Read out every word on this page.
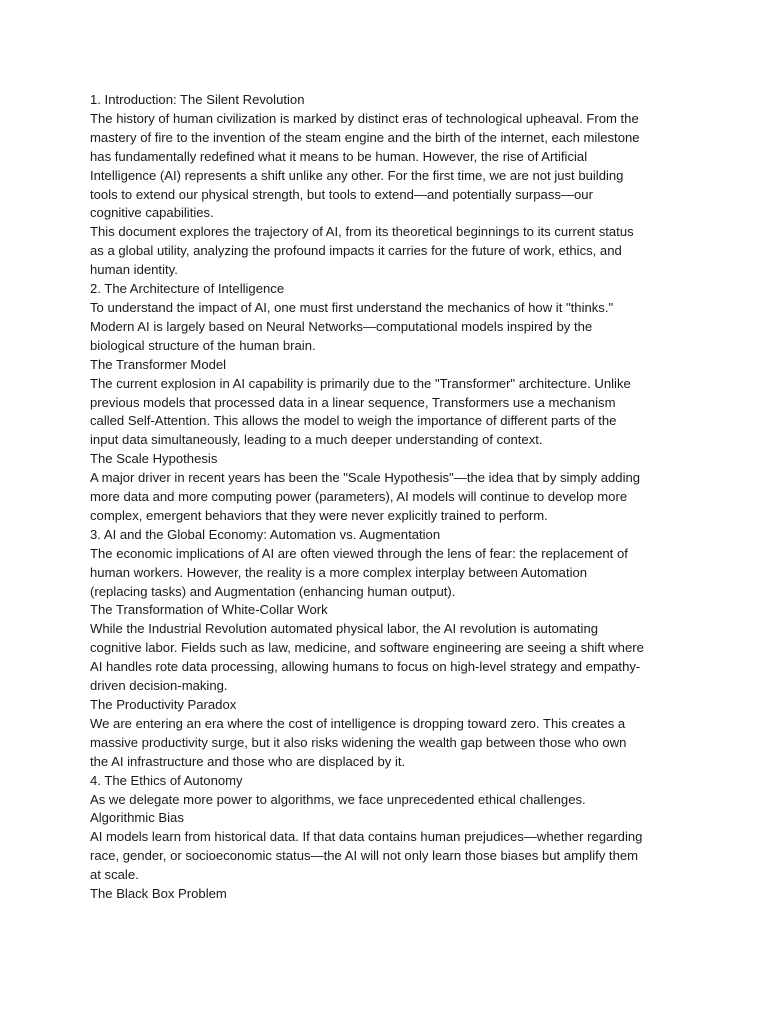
1. Introduction: The Silent Revolution
The history of human civilization is marked by distinct eras of technological upheaval. From the
mastery of fire to the invention of the steam engine and the birth of the internet, each milestone
has fundamentally redefined what it means to be human. However, the rise of Artificial
Intelligence (AI) represents a shift unlike any other. For the first time, we are not just building
tools to extend our physical strength, but tools to extend—and potentially surpass—our
cognitive capabilities.
This document explores the trajectory of AI, from its theoretical beginnings to its current status
as a global utility, analyzing the profound impacts it carries for the future of work, ethics, and
human identity.
2. The Architecture of Intelligence
To understand the impact of AI, one must first understand the mechanics of how it "thinks."
Modern AI is largely based on Neural Networks—computational models inspired by the
biological structure of the human brain.
The Transformer Model
The current explosion in AI capability is primarily due to the "Transformer" architecture. Unlike
previous models that processed data in a linear sequence, Transformers use a mechanism
called Self-Attention. This allows the model to weigh the importance of different parts of the
input data simultaneously, leading to a much deeper understanding of context.
The Scale Hypothesis
A major driver in recent years has been the "Scale Hypothesis"—the idea that by simply adding
more data and more computing power (parameters), AI models will continue to develop more
complex, emergent behaviors that they were never explicitly trained to perform.
3. AI and the Global Economy: Automation vs. Augmentation
The economic implications of AI are often viewed through the lens of fear: the replacement of
human workers. However, the reality is a more complex interplay between Automation
(replacing tasks) and Augmentation (enhancing human output).
The Transformation of White-Collar Work
While the Industrial Revolution automated physical labor, the AI revolution is automating
cognitive labor. Fields such as law, medicine, and software engineering are seeing a shift where
AI handles rote data processing, allowing humans to focus on high-level strategy and empathy-
driven decision-making.
The Productivity Paradox
We are entering an era where the cost of intelligence is dropping toward zero. This creates a
massive productivity surge, but it also risks widening the wealth gap between those who own
the AI infrastructure and those who are displaced by it.
4. The Ethics of Autonomy
As we delegate more power to algorithms, we face unprecedented ethical challenges.
Algorithmic Bias
AI models learn from historical data. If that data contains human prejudices—whether regarding
race, gender, or socioeconomic status—the AI will not only learn those biases but amplify them
at scale.
The Black Box Problem
